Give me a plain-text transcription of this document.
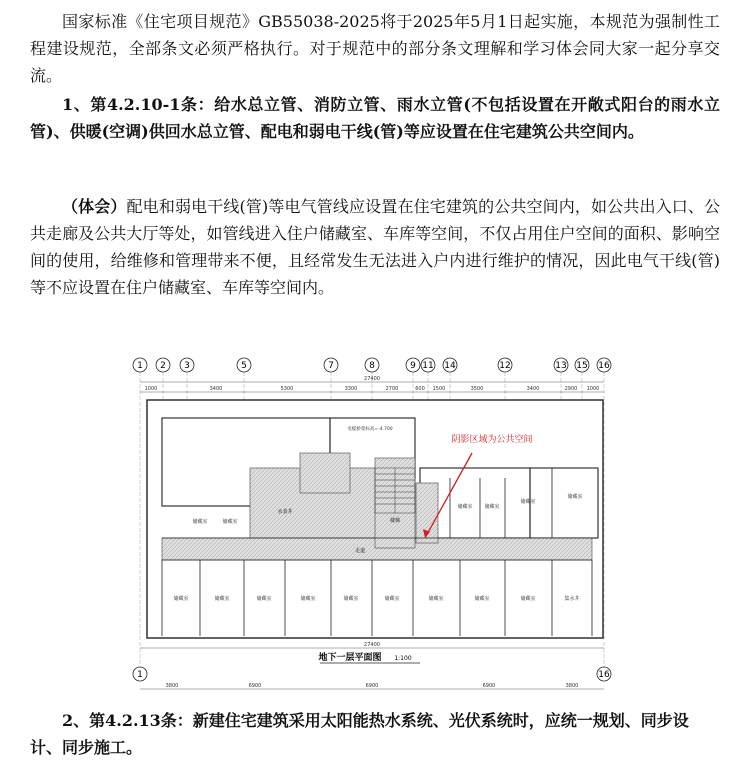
国家标准《住宅项目规范》GB55038-2025将于2025年5月1日起实施，本规范为强制性工程建设规范，全部条文必须严格执行。对于规范中的部分条文理解和学习体会同大家一起分享交流。

1、第4.2.10-1条：给水总立管、消防立管、雨水立管(不包括设置在开敞式阳台的雨水立管)、供暖(空调)供回水总立管、配电和弱电干线(管)等应设置在住宅建筑公共空间内。

（体会）配电和弱电干线(管)等电气管线应设置在住宅建筑的公共空间内，如公共出入口、公共走廊及公共大厅等处，如管线进入住户储藏室、车库等空间，不仅占用住户空间的面积、影响空间的使用，给维修和管理带来不便，且经常发生无法进入户内进行维护的情况，因此电气干线(管)等不应设置在住户储藏室、车库等空间内。

1 2 3	5	7	8	9 11 14	12	13 15 16
27400
1000	3400	5300	3300	2700	600 1500	3500	3400	2900 1000
楼梯
电缆桥架标高=-4.700
水表井
走道
储藏室	储藏室	储藏室	储藏室	储藏室	储藏室	储藏室	储藏室	储藏室	集水井
储藏室	储藏室
储藏室 储藏室
储藏室
储藏室
阴影区域为公共空间
地下一层平面图 1:100
27400
3800	6900	6900	6900	3800
1	16

2、第4.2.13条：新建住宅建筑采用太阳能热水系统、光伏系统时，应统一规划、同步设计、同步施工。
